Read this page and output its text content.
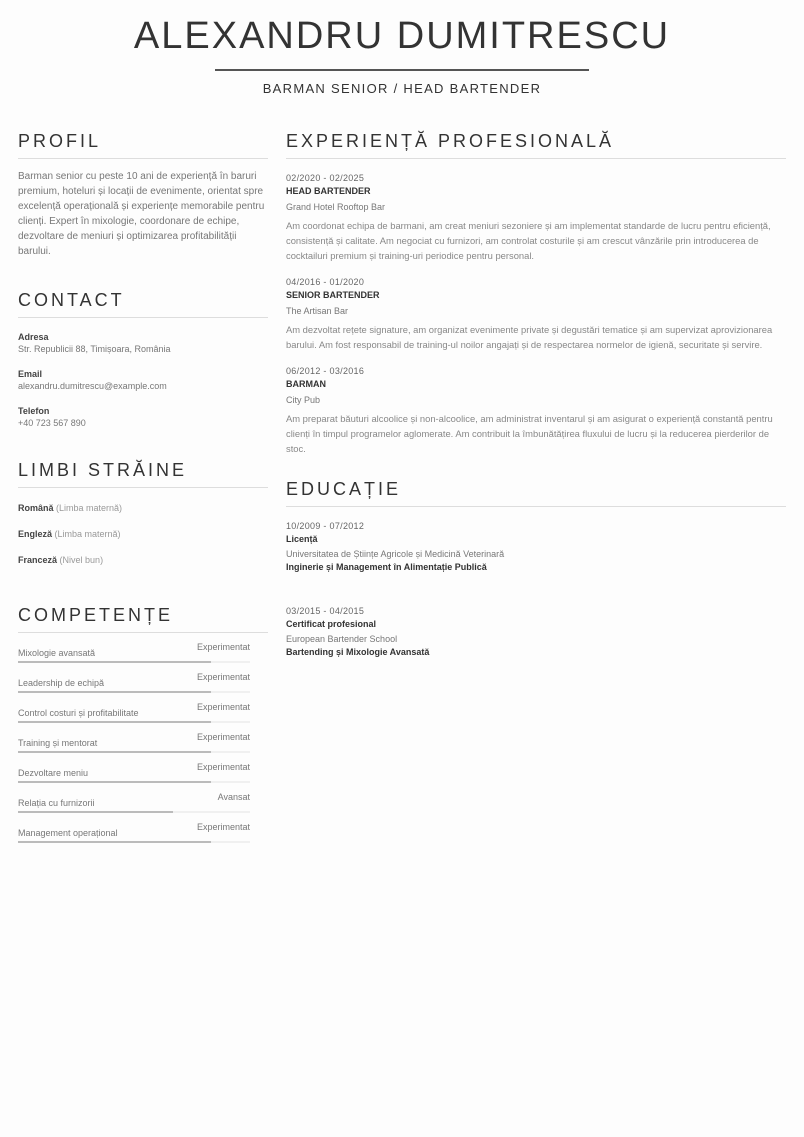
ALEXANDRU DUMITRESCU
BARMAN SENIOR / HEAD BARTENDER
PROFIL
Barman senior cu peste 10 ani de experiență în baruri premium, hoteluri și locații de evenimente, orientat spre excelență operațională și experiențe memorabile pentru clienți. Expert în mixologie, coordonare de echipe, dezvoltare de meniuri și optimizarea profitabilității barului.
CONTACT
Adresa
Str. Republicii 88, Timișoara, România
Email
alexandru.dumitrescu@example.com
Telefon
+40 723 567 890
LIMBI STRĂINE
Română (Limba maternă)
Engleză (Limba maternă)
Franceză (Nivel bun)
COMPETENȚE
Mixologie avansată
Experimentat
Leadership de echipă
Experimentat
Control costuri și profitabilitate
Experimentat
Training și mentorat
Experimentat
Dezvoltare meniu
Experimentat
Relația cu furnizorii
Avansat
Management operațional
Experimentat
EXPERIENȚĂ PROFESIONALĂ
02/2020 - 02/2025
HEAD BARTENDER
Grand Hotel Rooftop Bar
Am coordonat echipa de barmani, am creat meniuri sezoniere și am implementat standarde de lucru pentru eficiență, consistență și calitate. Am negociat cu furnizori, am controlat costurile și am crescut vânzările prin introducerea de cocktailuri premium și training-uri periodice pentru personal.
04/2016 - 01/2020
SENIOR BARTENDER
The Artisan Bar
Am dezvoltat rețete signature, am organizat evenimente private și degustări tematice și am supervizat aprovizionarea barului. Am fost responsabil de training-ul noilor angajați și de respectarea normelor de igienă, securitate și servire.
06/2012 - 03/2016
BARMAN
City Pub
Am preparat băuturi alcoolice și non-alcoolice, am administrat inventarul și am asigurat o experiență constantă pentru clienți în timpul programelor aglomerate. Am contribuit la îmbunătățirea fluxului de lucru și la reducerea pierderilor de stoc.
EDUCAȚIE
10/2009 - 07/2012
Licență
Universitatea de Științe Agricole și Medicină Veterinară
Inginerie și Management în Alimentație Publică
03/2015 - 04/2015
Certificat profesional
European Bartender School
Bartending și Mixologie Avansată
